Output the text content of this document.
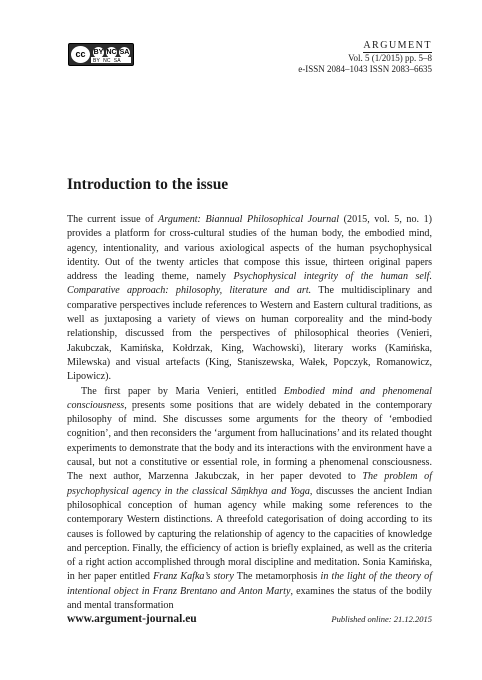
cc	BY NC SA
BY NC SA
ARGUMENT
Vol. 5 (1/2015) pp. 5–8
e-ISSN 2084–1043 ISSN 2083–6635
Introduction to the issue

The current issue of Argument: Biannual Philosophical Journal (2015, vol. 5, no. 1) provides a platform for cross-cultural studies of the human body, the embodied mind, agency, intentionality, and various axiological aspects of the human psychophysical identity. Out of the twenty articles that compose this issue, thirteen original papers address the leading theme, namely Psychophysical integrity of the human self. Comparative approach: philosophy, literature and art. The multidisciplinary and comparative perspectives include references to Western and Eastern cultural traditions, as well as juxtaposing a variety of views on human corporeality and the mind-body relationship, discussed from the perspectives of philosophical theories (Venieri, Jakubczak, Kamińska, Kołdrzak, King, Wachowski), literary works (Kamińska, Milewska) and visual artefacts (King, Staniszewska, Wałek, Popczyk, Romanowicz, Lipowicz).

The first paper by Maria Venieri, entitled Embodied mind and phenomenal consciousness, presents some positions that are widely debated in the contemporary philosophy of mind. She discusses some arguments for the theory of ‘embodied cognition’, and then reconsiders the ‘argument from hallucinations’ and its related thought experiments to demonstrate that the body and its interactions with the environment have a causal, but not a constitutive or essential role, in forming a phenomenal consciousness. The next author, Marzenna Jakubczak, in her paper devoted to The problem of psychophysical agency in the classical Sāṃkhya and Yoga, discusses the ancient Indian philosophical conception of human agency while making some references to the contemporary Western distinctions. A threefold categorisation of doing according to its causes is followed by capturing the relationship of agency to the capacities of knowledge and perception. Finally, the efficiency of action is briefly explained, as well as the criteria of a right action accomplished through moral discipline and meditation. Sonia Kamińska, in her paper entitled Franz Kafka’s story The metamorphosis in the light of the theory of intentional object in Franz Brentano and Anton Marty, examines the status of the bodily and mental transformation

www.argument-journal.eu	Published online: 21.12.2015
